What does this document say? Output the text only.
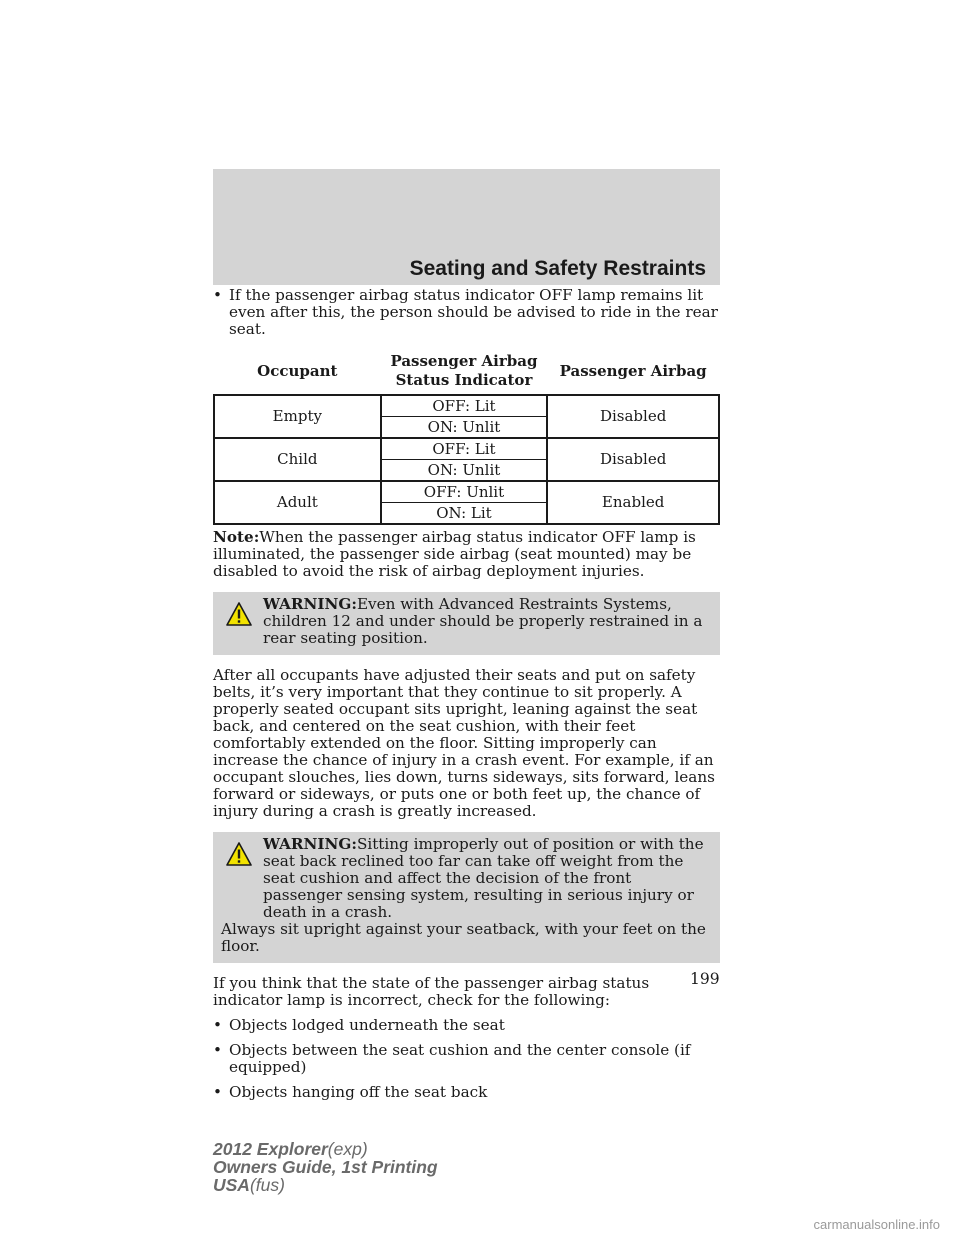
Seating and Safety Restraints

• If the passenger airbag status indicator OFF lamp remains lit even after this, the person should be advised to ride in the rear seat.

Occupant	Passenger Airbag Status Indicator	Passenger Airbag
Empty	OFF: Lit	Disabled
	ON: Unlit	
Child	OFF: Lit	Disabled
	ON: Unlit	
Adult	OFF: Unlit	Enabled
	ON: Lit	

Note:When the passenger airbag status indicator OFF lamp is illuminated, the passenger side airbag (seat mounted) may be disabled to avoid the risk of airbag deployment injuries.

WARNING:Even with Advanced Restraints Systems, children 12 and under should be properly restrained in a rear seating position.

After all occupants have adjusted their seats and put on safety belts, it’s very important that they continue to sit properly. A properly seated occupant sits upright, leaning against the seat back, and centered on the seat cushion, with their feet comfortably extended on the floor. Sitting improperly can increase the chance of injury in a crash event. For example, if an occupant slouches, lies down, turns sideways, sits forward, leans forward or sideways, or puts one or both feet up, the chance of injury during a crash is greatly increased.

WARNING:Sitting improperly out of position or with the seat back reclined too far can take off weight from the seat cushion and affect the decision of the front passenger sensing system, resulting in serious injury or death in a crash.
Always sit upright against your seatback, with your feet on the floor.

If you think that the state of the passenger airbag status indicator lamp is incorrect, check for the following:

• Objects lodged underneath the seat

• Objects between the seat cushion and the center console (if equipped)

• Objects hanging off the seat back

199
2012 Explorer(exp)
Owners Guide, 1st Printing
USA(fus)
carmanualsonline.info
